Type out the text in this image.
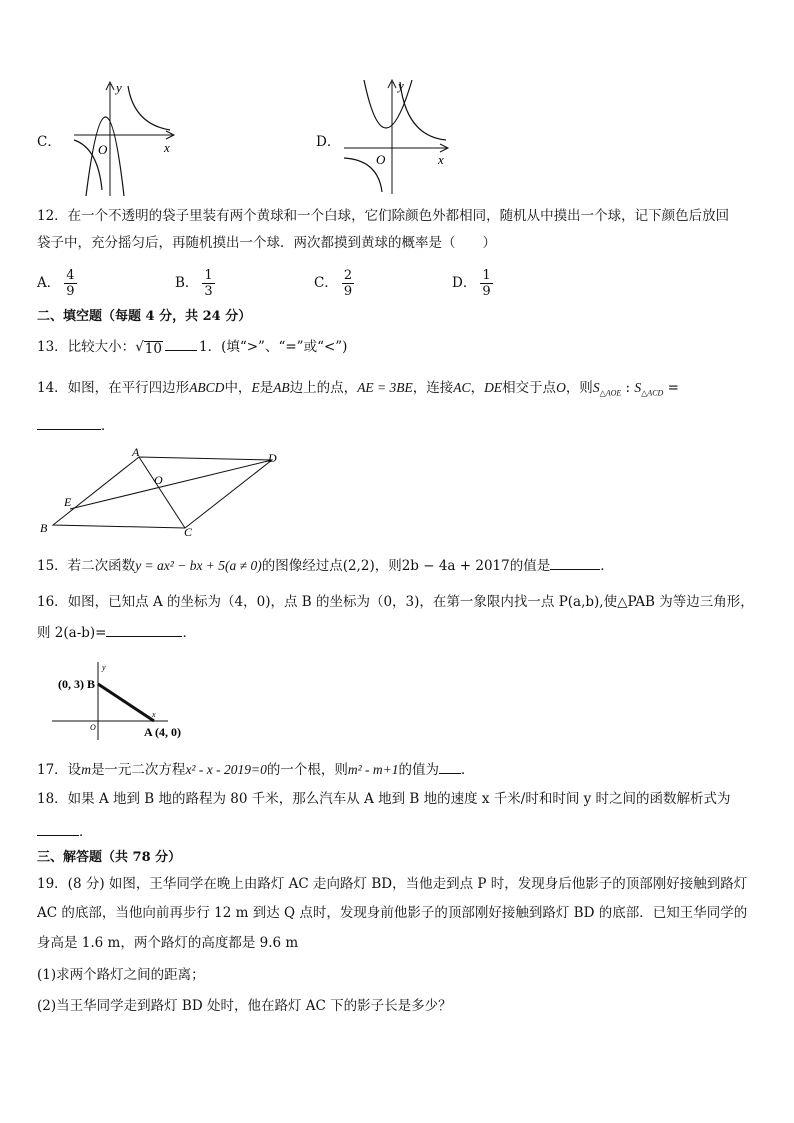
C．
y
x
O	D．
y
x
O
12．在一个不透明的袋子里装有两个黄球和一个白球，它们除颜色外都相同，随机从中摸出一个球，记下颜色后放回
袋子中，充分摇匀后，再随机摸出一个球．两次都摸到黄球的概率是（　　）
A． $\frac{4}{9}$	B． $\frac{1}{3}$	C． $\frac{2}{9}$	D． $\frac{1}{9}$
二、填空题（每题 4 分，共 24 分）
13．比较大小： √ 10	1．(填“>”、“=”或“<”)
14．如图，在平行四边形ABCD中，E是AB边上的点，AE = 3BE，连接AC，DE相交于点O，则$S_{\triangle AOE}$ : $S_{\triangle ACD}$ =
．
A
B	C
D
E
O
15．若二次函数y = ax² − bx + 5(a ≠ 0)的图像经过点(2,2)，则2b − 4a + 2017的值是	．
16．如图，已知点 A 的坐标为（4，0)，点 B 的坐标为（0，3)，在第一象限内找一点 P(a,b),使△PAB 为等边三角形，
则 2(a-b)=	．
y
x
O
(0, 3) B
A (4, 0)
17．设m是一元二次方程x² - x - 2019=0的一个根，则m² - m+1的值为 ．
18．如果 A 地到 B 地的路程为 80 千米，那么汽车从 A 地到 B 地的速度 x 千米/时和时间 y 时之间的函数解析式为
．
三、解答题（共 78 分）
19．(8 分) 如图，王华同学在晚上由路灯 AC 走向路灯 BD，当他走到点 P 时，发现身后他影子的顶部刚好接触到路灯
AC 的底部，当他向前再步行 12 m 到达 Q 点时，发现身前他影子的顶部刚好接触到路灯 BD 的底部．已知王华同学的
身高是 1.6 m，两个路灯的高度都是 9.6 m
(1)求两个路灯之间的距离；
(2)当王华同学走到路灯 BD 处时，他在路灯 AC 下的影子长是多少？
